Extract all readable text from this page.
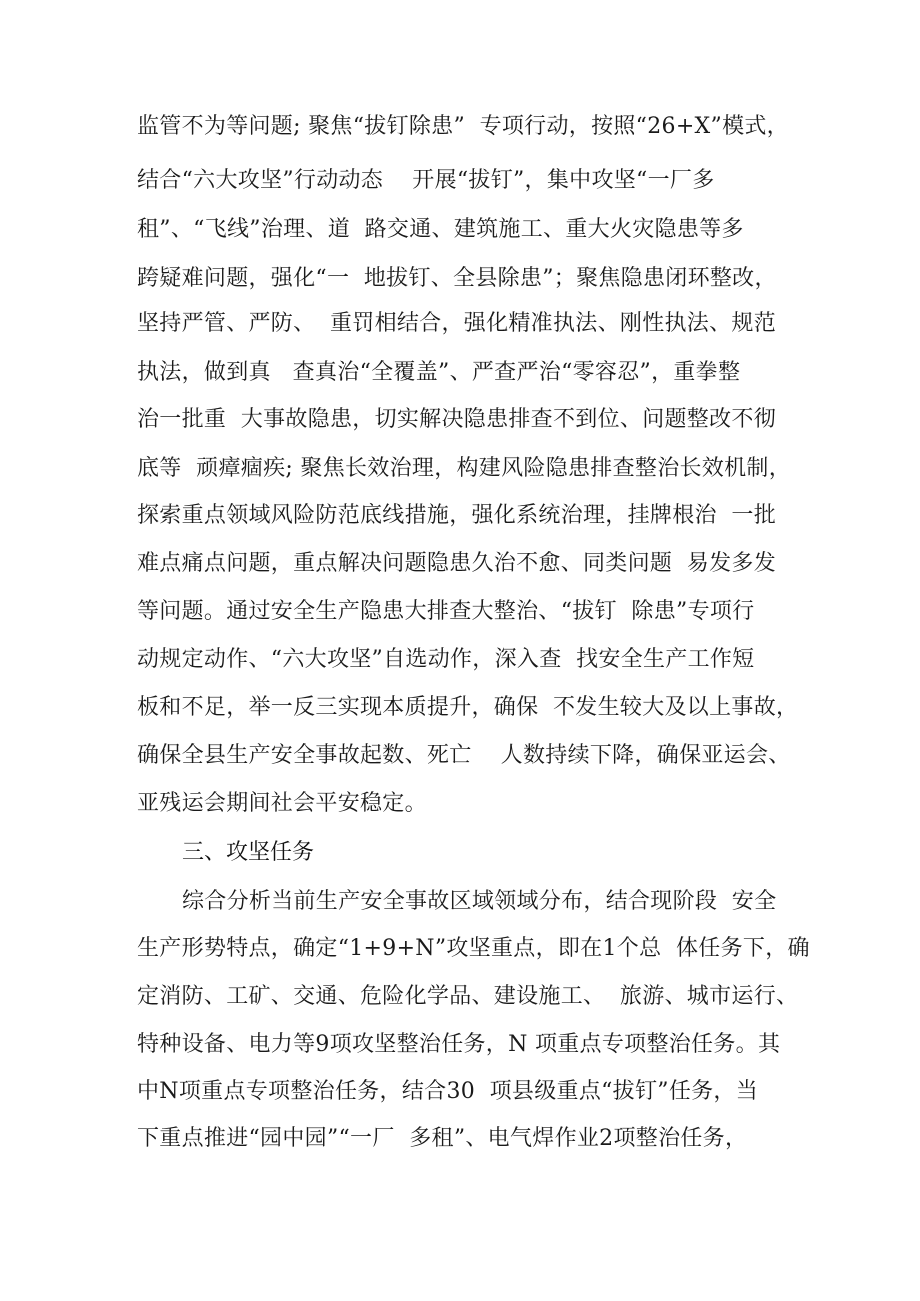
监管不为等问题; 聚焦“拔钉除患”  专项行动，按照“26+X”模式，
结合“六大攻坚”行动动态    开展“拔钉”，集中攻坚“一厂多
租”、“飞线”治理、道  路交通、建筑施工、重大火灾隐患等多
跨疑难问题，强化“一  地拔钉、全县除患”；聚焦隐患闭环整改，
坚持严管、严防、  重罚相结合，强化精准执法、刚性执法、规范
执法，做到真   查真治“全覆盖”、严查严治“零容忍”，重拳整
治一批重  大事故隐患，切实解决隐患排查不到位、问题整改不彻
底等  顽瘴痼疾; 聚焦长效治理，构建风险隐患排查整治长效机制，
探索重点领域风险防范底线措施，强化系统治理，挂牌根治  一批
难点痛点问题，重点解决问题隐患久治不愈、同类问题  易发多发
等问题。通过安全生产隐患大排查大整治、“拔钉  除患”专项行
动规定动作、“六大攻坚”自选动作，深入查  找安全生产工作短
板和不足，举一反三实现本质提升，确保  不发生较大及以上事故，
确保全县生产安全事故起数、死亡    人数持续下降，确保亚运会、
亚残运会期间社会平安稳定。
三、攻坚任务
综合分析当前生产安全事故区域领域分布，结合现阶段  安全
生产形势特点，确定“1+9+N”攻坚重点，即在1个总  体任务下，确
定消防、工矿、交通、危险化学品、建设施工、  旅游、城市运行、
特种设备、电力等9项攻坚整治任务，N 项重点专项整治任务。其
中N项重点专项整治任务，结合30  项县级重点“拔钉”任务，当
下重点推进“园中园”“一厂  多租”、电气焊作业2项整治任务，
